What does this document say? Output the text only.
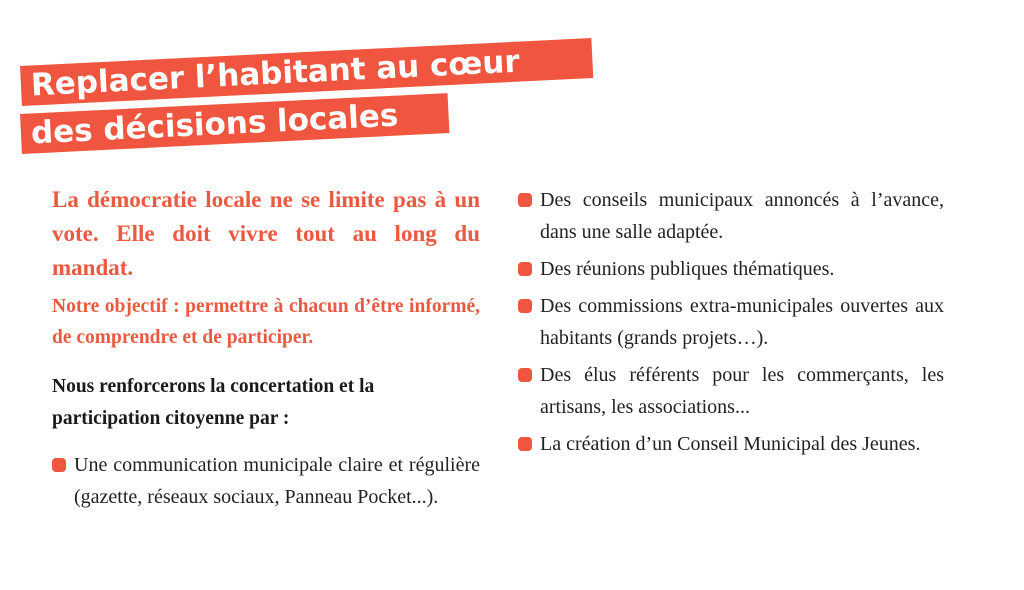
Replacer l’habitant au cœur
des décisions locales

La démocratie locale ne se limite pas à un vote. Elle doit vivre tout au long du mandat.

Notre objectif : permettre à chacun d’être informé, de comprendre et de participer.

Nous renforcerons la concertation et la participation citoyenne par :

Une communication municipale claire et régulière (gazette, réseaux sociaux, Panneau Pocket...).
Des conseils municipaux annoncés à l’avance, dans une salle adaptée.
Des réunions publiques thématiques.
Des commissions extra-municipales ouvertes aux habitants (grands projets…).
Des élus référents pour les commerçants, les artisans, les associations...
La création d’un Conseil Municipal des Jeunes.
